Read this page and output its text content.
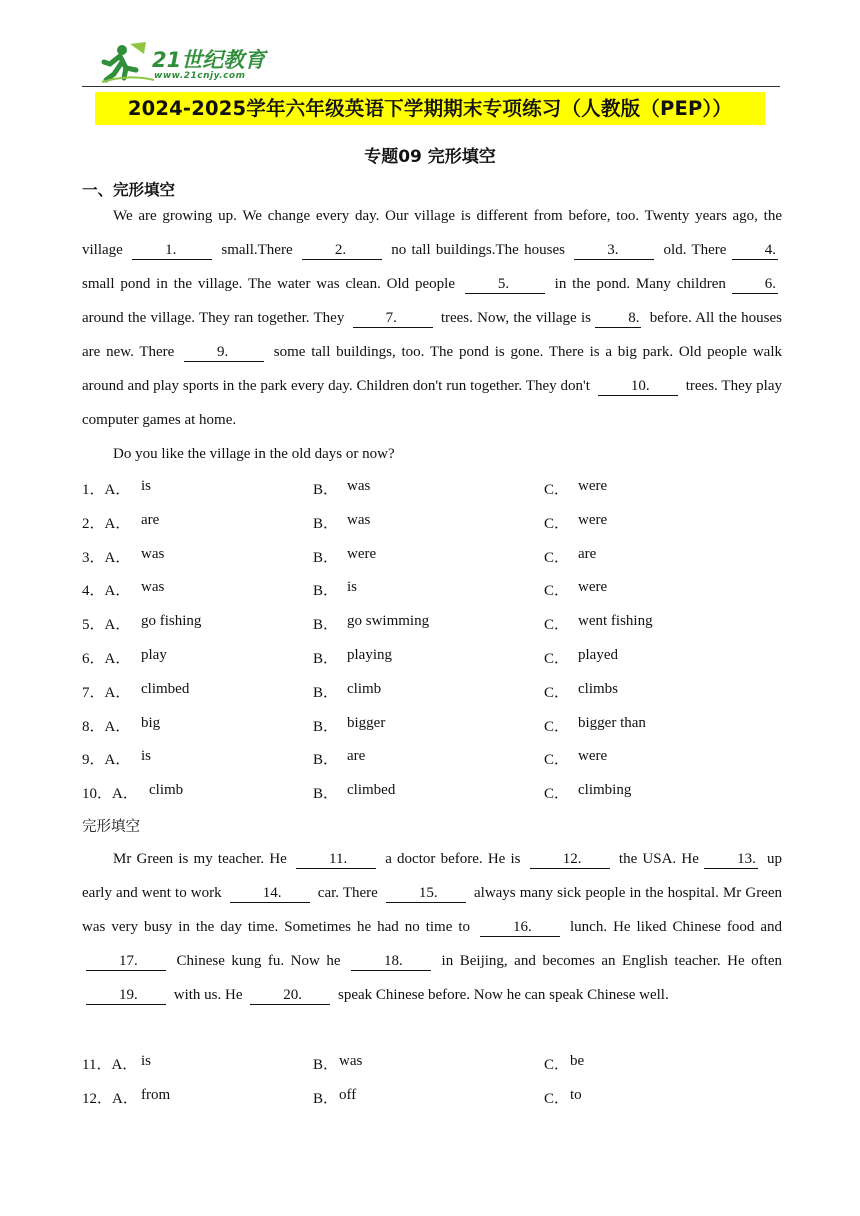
21世纪教育
www.21cnjy.com
2024-2025学年六年级英语下学期期末专项练习（人教版（PEP））
专题09 完形填空
一、完形填空

We are growing up. We change every day. Our village is different from before, too. Twenty years ago, the village 1.	small.There 2.	no tall buildings.The houses 3.	old. There 4. small pond in the village. The water was clean. Old people 5.	in the pond. Many children 6. around the village. They ran together. They 7.	trees. Now, the village is 8. before. All the houses are new. There 9.	some tall buildings, too. The pond is gone. There is a big park. Old people walk around and play sports in the park every day. Children don't run together. They don't 10. trees. They play computer games at home.

Do you like the village in the old days or now?

1．A． is	B． was	C． were
2．A． are	B． was	C． were
3．A． was	B． were	C． are
4．A． was	B． is	C． were
5．A． go fishing	B． go swimming	C． went fishing
6．A． play	B． playing	C． played
7．A． climbed	B． climb	C． climbs
8．A． big	B． bigger	C． bigger than
9．A． is	B． are	C． were
10．A． climb	B． climbed	C． climbing
完形填空

Mr Green is my teacher. He 11. a doctor before. He is 12. the USA. He 13. up early and went to work 14. car. There 15. always many sick people in the hospital. Mr Green was very busy in the day time. Sometimes he had no time to 16. lunch. He liked Chinese food and 17. Chinese kung fu. Now he 18. in Beijing, and becomes an English teacher. He often 19. with us. He 20. speak Chinese before. Now he can speak Chinese well.

11．A． is	B． was	C． be
12．A． from	B． off	C． to
